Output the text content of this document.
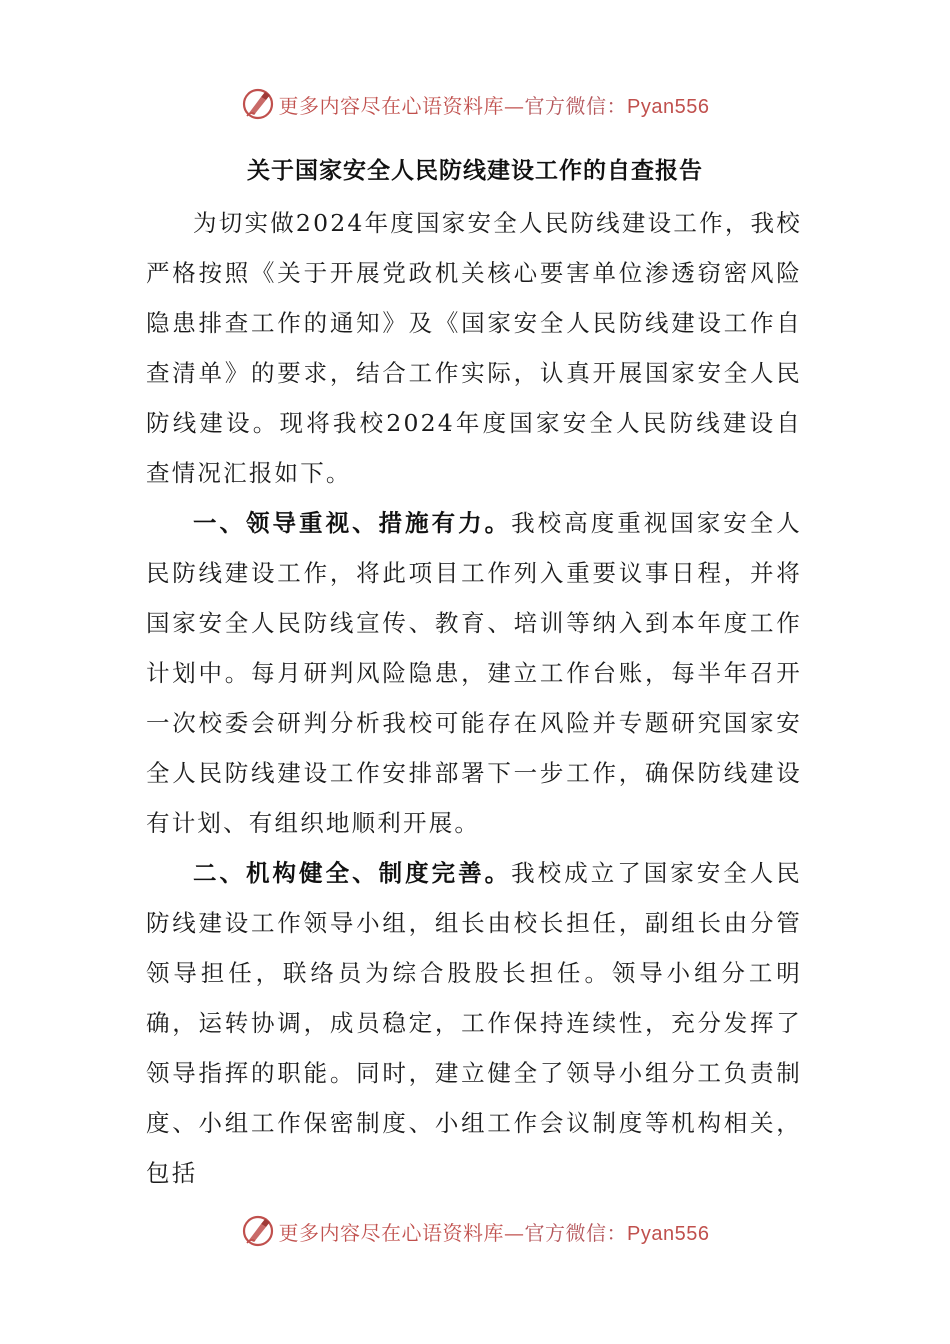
更多内容尽在心语资料库—官方微信：Pyan556
关于国家安全人民防线建设工作的自查报告

为切实做2024年度国家安全人民防线建设工作，我校严格按照《关于开展党政机关核心要害单位渗透窃密风险隐患排查工作的通知》及《国家安全人民防线建设工作自查清单》的要求，结合工作实际，认真开展国家安全人民防线建设。现将我校2024年度国家安全人民防线建设自查情况汇报如下。

一、领导重视、措施有力。我校高度重视国家安全人民防线建设工作，将此项目工作列入重要议事日程，并将国家安全人民防线宣传、教育、培训等纳入到本年度工作计划中。每月研判风险隐患，建立工作台账，每半年召开一次校委会研判分析我校可能存在风险并专题研究国家安全人民防线建设工作安排部署下一步工作，确保防线建设有计划、有组织地顺利开展。

二、机构健全、制度完善。我校成立了国家安全人民防线建设工作领导小组，组长由校长担任，副组长由分管领导担任，联络员为综合股股长担任。领导小组分工明确，运转协调，成员稳定，工作保持连续性，充分发挥了领导指挥的职能。同时，建立健全了领导小组分工负责制度、小组工作保密制度、小组工作会议制度等机构相关，包括

更多内容尽在心语资料库—官方微信：Pyan556
